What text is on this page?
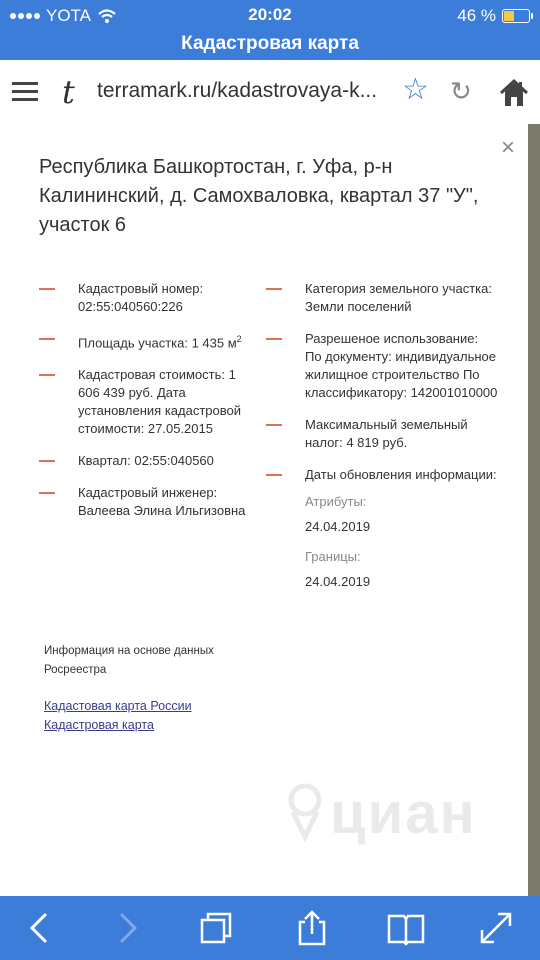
YOTA	20:02	46 %
Кадастровая карта
t terramark.ru/kadastrovaya-k... ☆ ↻
×
Республика Башкортостан, г. Уфа, р-н Калининский, д. Самохваловка, квартал 37 "У", участок 6
Кадастровый номер:
02:55:040560:226
Площадь участка: 1 435 $м^2$
Кадастровая стоимость: 1 606 439 руб. Дата установления кадастровой стоимости: 27.05.2015
Квартал: 02:55:040560
Кадастровый инженер:
Валеева Элина Ильгизовна
Категория земельного участка:
Земли поселений
Разрешеное использование:
По документу: индивидуальное жилищное строительство По классификатору: 142001010000
Максимальный земельный налог: 4 819 руб.
Даты обновления информации:
Атрибуты:
24.04.2019
Границы:
24.04.2019
Информация на основе данных Росреестра
Кадастовая карта России
Кадастровая карта
циан
